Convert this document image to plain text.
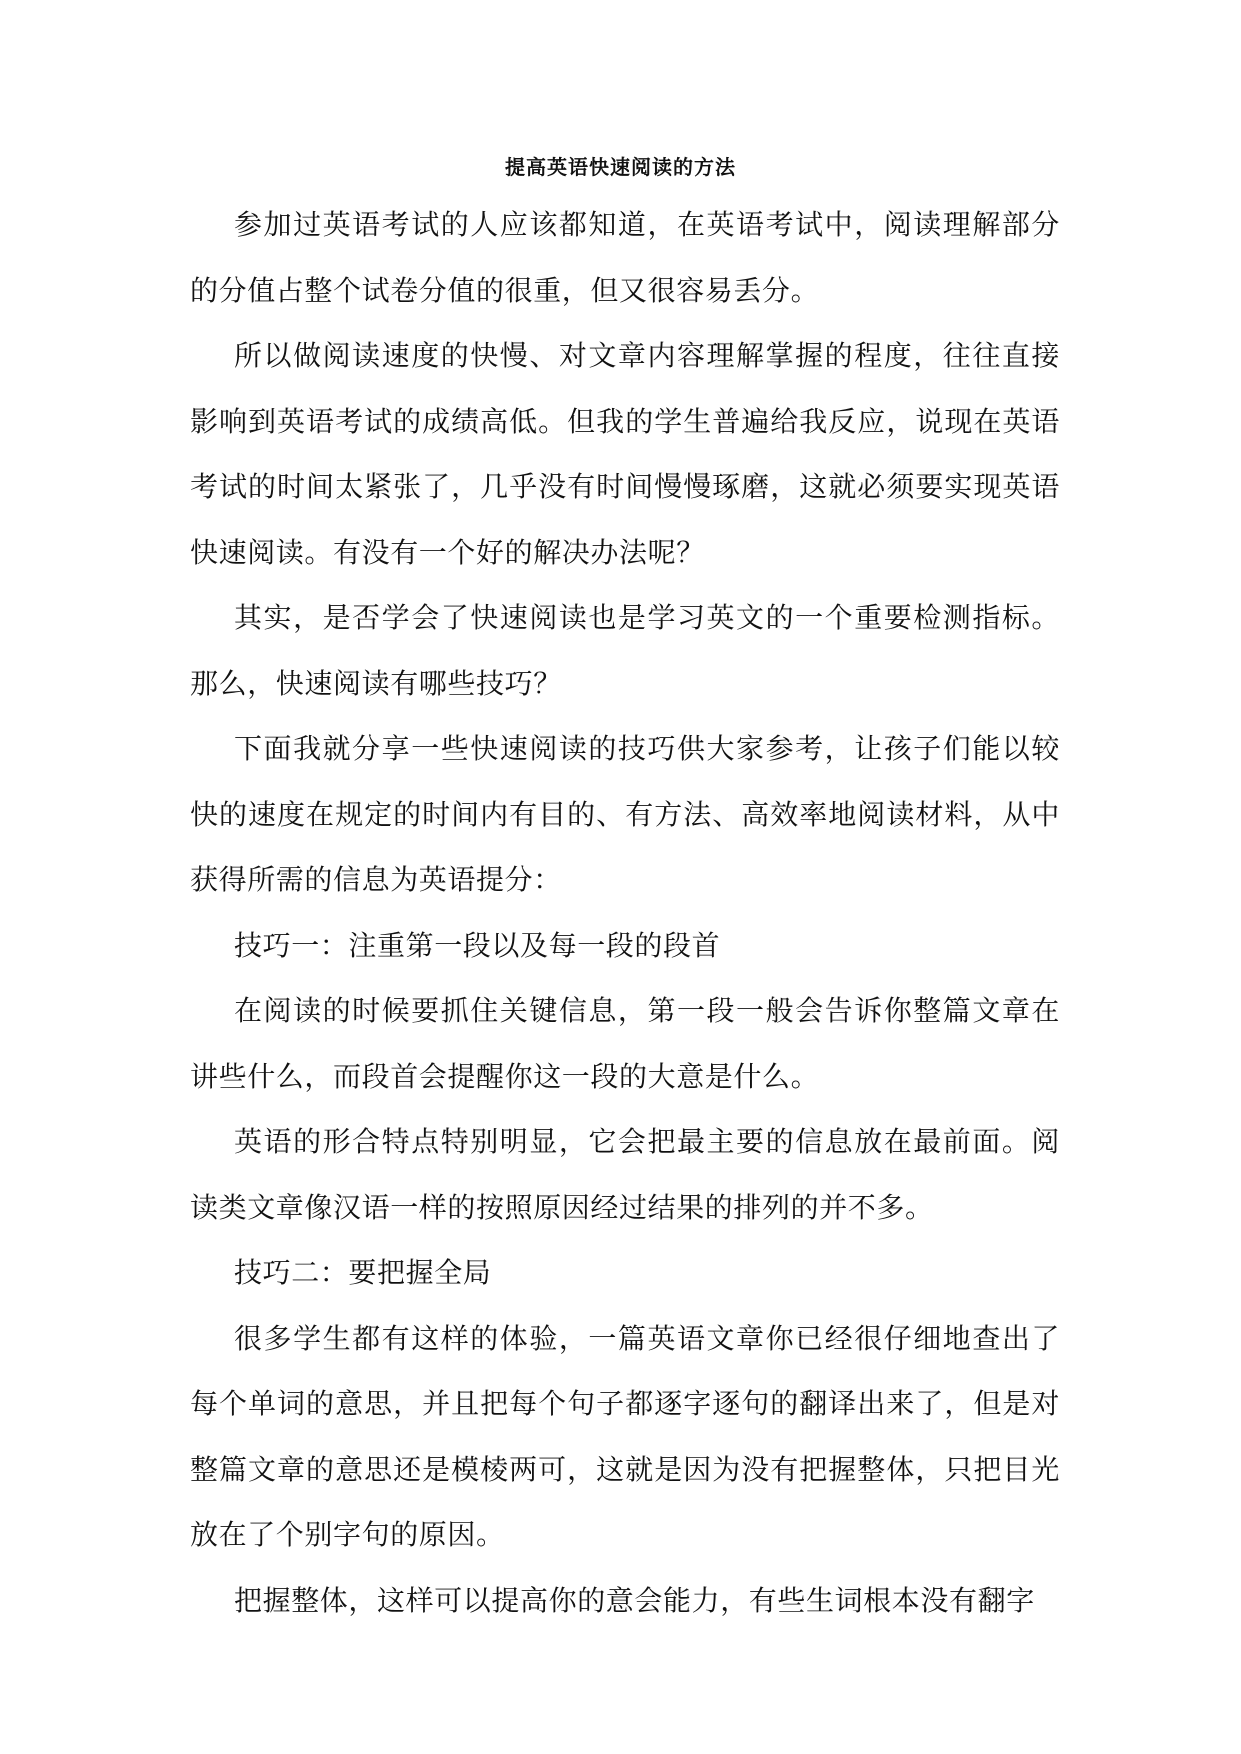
提高英语快速阅读的方法

参加过英语考试的人应该都知道，在英语考试中，阅读理解部分的分值占整个试卷分值的很重，但又很容易丢分。

所以做阅读速度的快慢、对文章内容理解掌握的程度，往往直接影响到英语考试的成绩高低。但我的学生普遍给我反应，说现在英语考试的时间太紧张了，几乎没有时间慢慢琢磨，这就必须要实现英语快速阅读。有没有一个好的解决办法呢？

其实，是否学会了快速阅读也是学习英文的一个重要检测指标。那么，快速阅读有哪些技巧？

下面我就分享一些快速阅读的技巧供大家参考，让孩子们能以较快的速度在规定的时间内有目的、有方法、高效率地阅读材料，从中获得所需的信息为英语提分：

技巧一：注重第一段以及每一段的段首

在阅读的时候要抓住关键信息，第一段一般会告诉你整篇文章在讲些什么，而段首会提醒你这一段的大意是什么。

英语的形合特点特别明显，它会把最主要的信息放在最前面。阅读类文章像汉语一样的按照原因经过结果的排列的并不多。

技巧二：要把握全局

很多学生都有这样的体验，一篇英语文章你已经很仔细地查出了每个单词的意思，并且把每个句子都逐字逐句的翻译出来了，但是对整篇文章的意思还是模棱两可，这就是因为没有把握整体，只把目光放在了个别字句的原因。

把握整体，这样可以提高你的意会能力，有些生词根本没有翻字
